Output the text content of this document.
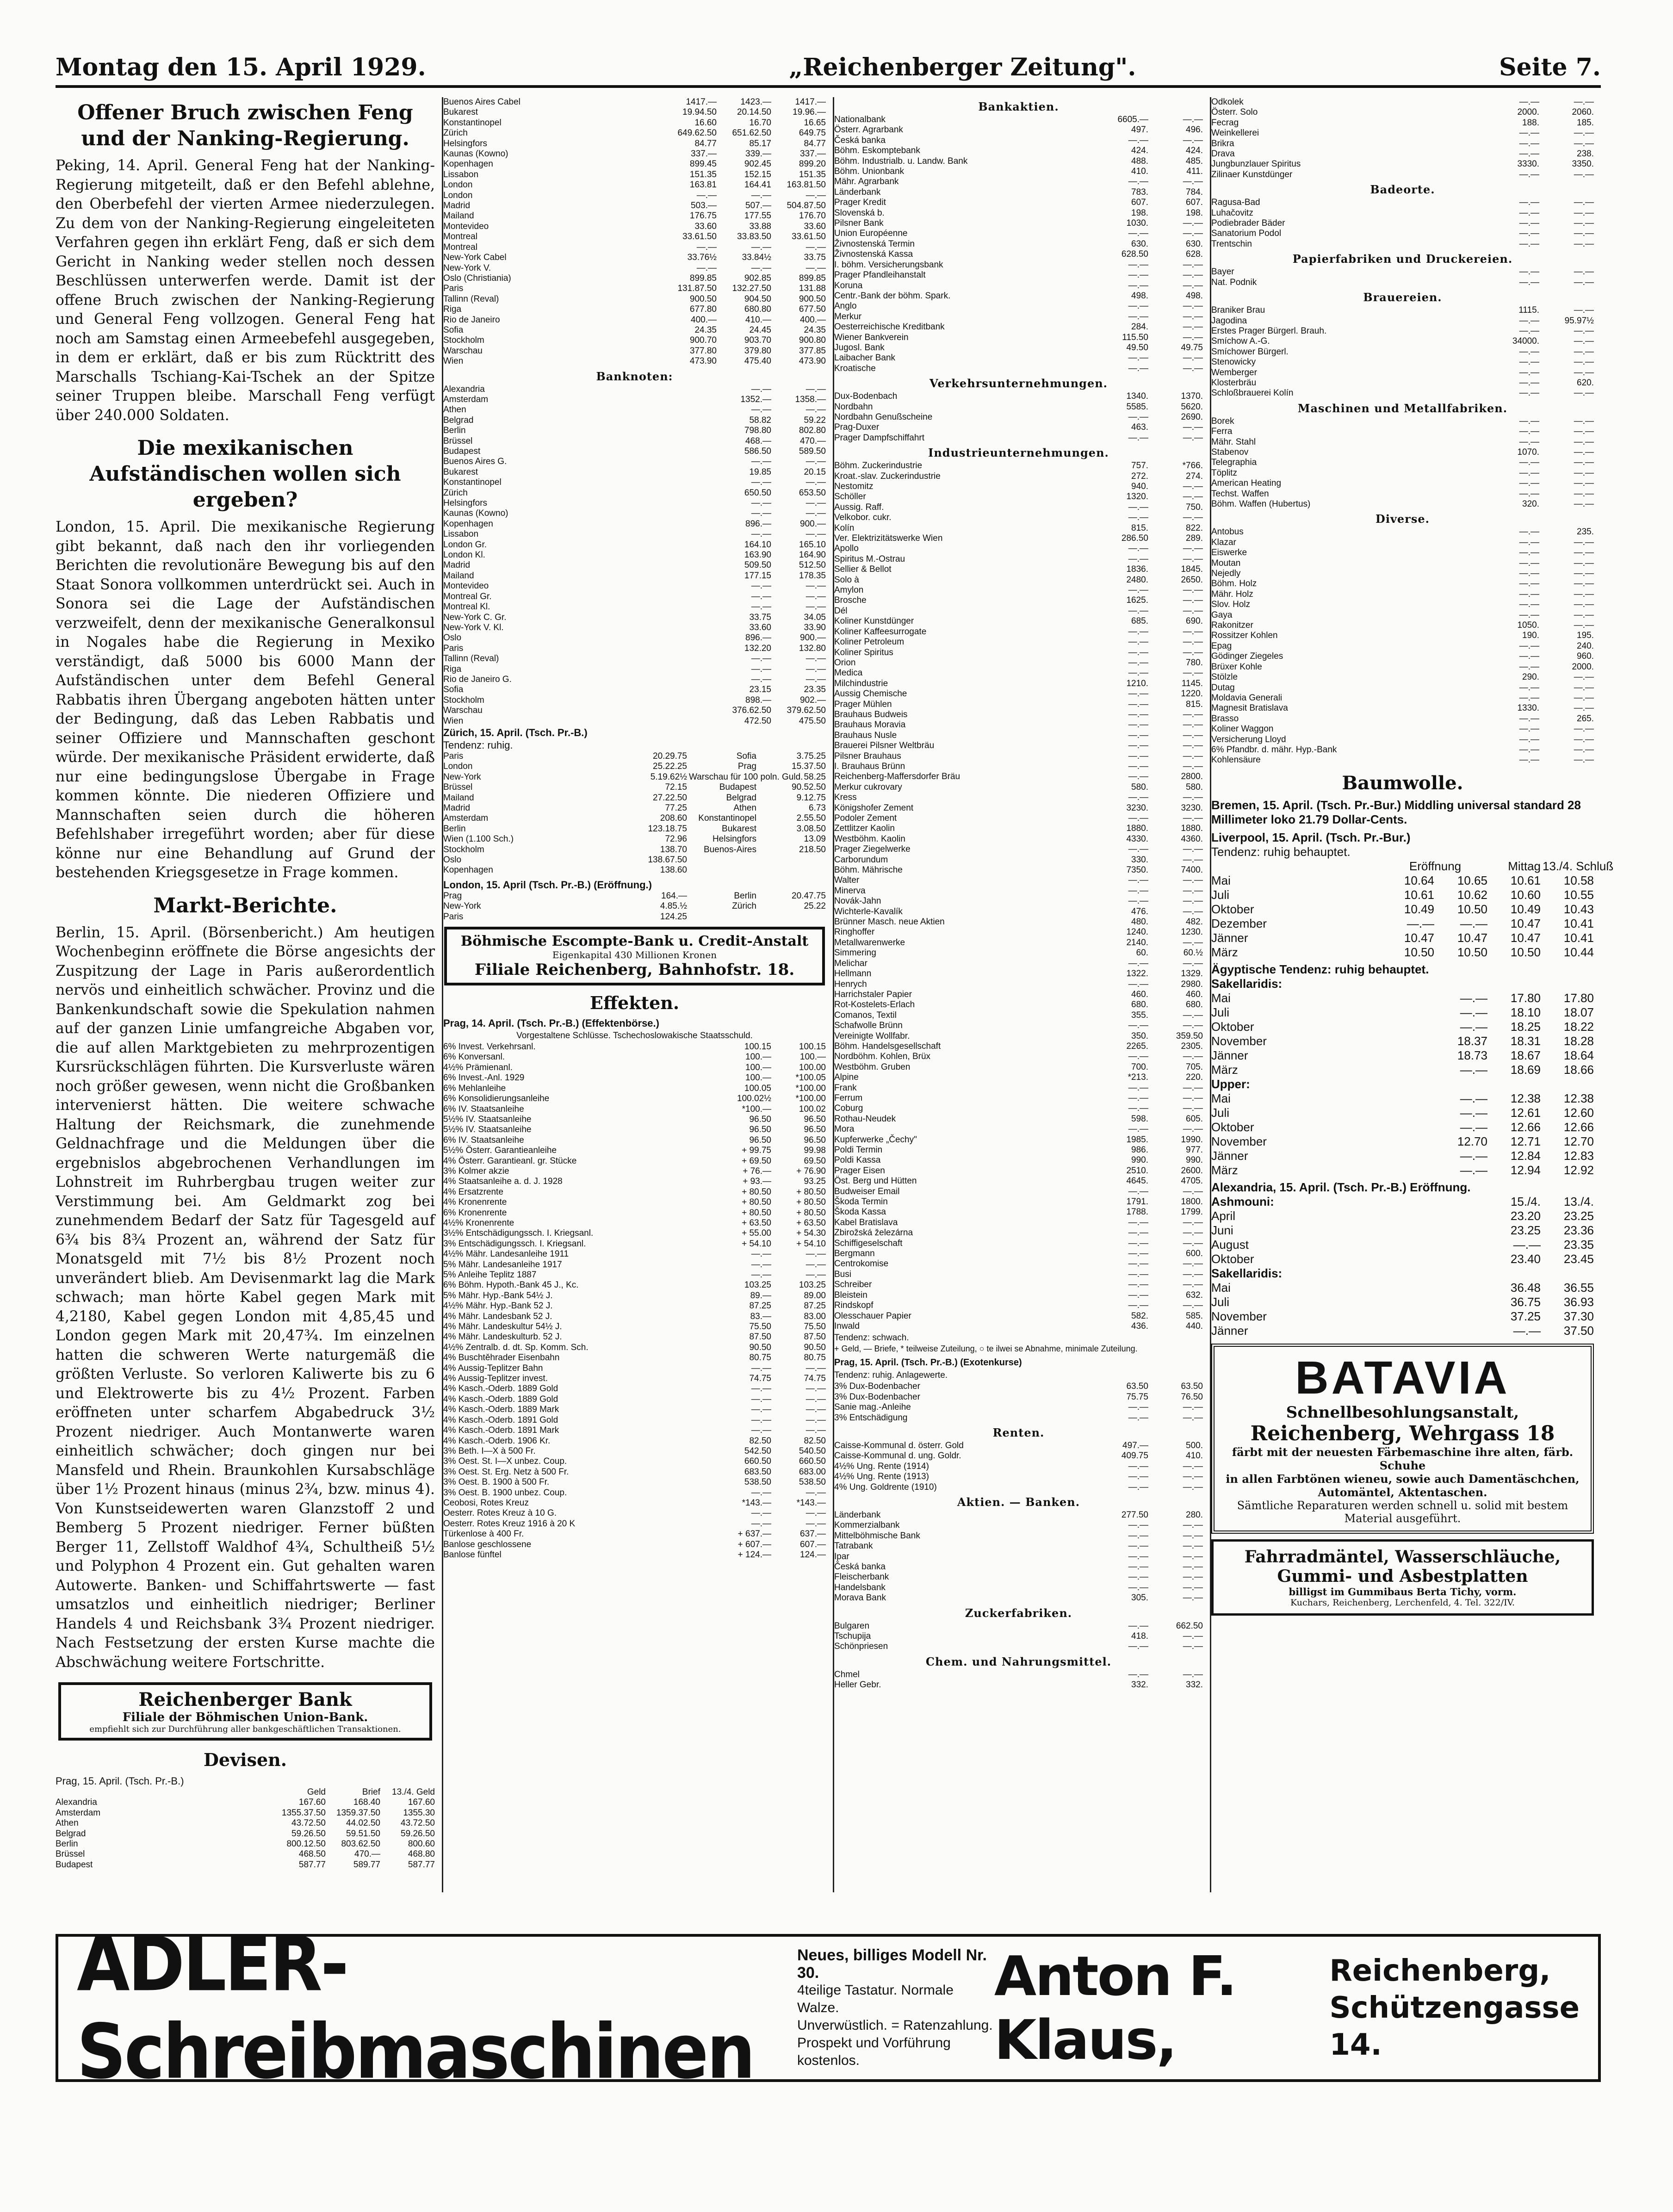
Montag den 15. April 1929.	„Reichenberger Zeitung".	Seite 7.
Offener Bruch zwischen Feng und der Nanking-Regierung.
Peking, 14. April. General Feng hat der Nanking-Regierung mitgeteilt, daß er den Befehl ablehne, den Oberbefehl der vierten Armee niederzulegen. Zu dem von der Nanking-Regierung eingeleiteten Verfahren gegen ihn erklärt Feng, daß er sich dem Gericht in Nanking weder stellen noch dessen Beschlüssen unterwerfen werde. Damit ist der offene Bruch zwischen der Nanking-Regierung und General Feng vollzogen. General Feng hat noch am Samstag einen Armeebefehl ausgegeben, in dem er erklärt, daß er bis zum Rücktritt des Marschalls Tschiang-Kai-Tschek an der Spitze seiner Truppen bleibe. Marschall Feng verfügt über 240.000 Soldaten.
Die mexikanischen Aufständischen wollen sich ergeben?
London, 15. April. Die mexikanische Regierung gibt bekannt, daß nach den ihr vorliegenden Berichten die revolutionäre Bewegung bis auf den Staat Sonora vollkommen unterdrückt sei. Auch in Sonora sei die Lage der Aufständischen verzweifelt, denn der mexikanische Generalkonsul in Nogales habe die Regierung in Mexiko verständigt, daß 5000 bis 6000 Mann der Aufständischen unter dem Befehl General Rabbatis ihren Übergang angeboten hätten unter der Bedingung, daß das Leben Rabbatis und seiner Offiziere und Mannschaften geschont würde. Der mexikanische Präsident erwiderte, daß nur eine bedingungslose Übergabe in Frage kommen könnte. Die niederen Offiziere und Mannschaften seien durch die höheren Befehlshaber irregeführt worden; aber für diese könne nur eine Behandlung auf Grund der bestehenden Kriegsgesetze in Frage kommen.
Markt-Berichte.
Berlin, 15. April. (Börsenbericht.) Am heutigen Wochenbeginn eröffnete die Börse angesichts der Zuspitzung der Lage in Paris außerordentlich nervös und einheitlich schwächer. Provinz und die Bankenkundschaft sowie die Spekulation nahmen auf der ganzen Linie umfangreiche Abgaben vor, die auf allen Marktgebieten zu mehrprozentigen Kursrückschlägen führten. Die Kursverluste wären noch größer gewesen, wenn nicht die Großbanken intervenierst hätten. Die weitere schwache Haltung der Reichsmark, die zunehmende Geldnachfrage und die Meldungen über die ergebnislos abgebrochenen Verhandlungen im Lohnstreit im Ruhrbergbau trugen weiter zur Verstimmung bei. Am Geldmarkt zog bei zunehmendem Bedarf der Satz für Tagesgeld auf 6¾ bis 8¾ Prozent an, während der Satz für Monatsgeld mit 7½ bis 8½ Prozent noch unverändert blieb. Am Devisenmarkt lag die Mark schwach; man hörte Kabel gegen Mark mit 4,2180, Kabel gegen London mit 4,85,45 und London gegen Mark mit 20,47¾. Im einzelnen hatten die schweren Werte naturgemäß die größten Verluste. So verloren Kaliwerte bis zu 6 und Elektrowerte bis zu 4½ Prozent. Farben eröffneten unter scharfem Abgabedruck 3½ Prozent niedriger. Auch Montanwerte waren einheitlich schwächer; doch gingen nur bei Mansfeld und Rhein. Braunkohlen Kursabschläge über 1½ Prozent hinaus (minus 2¾, bzw. minus 4). Von Kunstseidewerten waren Glanzstoff 2 und Bemberg 5 Prozent niedriger. Ferner büßten Berger 11, Zellstoff Waldhof 4¾, Schultheiß 5½ und Polyphon 4 Prozent ein. Gut gehalten waren Autowerte. Banken- und Schiffahrtswerte — fast umsatzlos und einheitlich niedriger; Berliner Handels 4 und Reichsbank 3¾ Prozent niedriger. Nach Festsetzung der ersten Kurse machte die Abschwächung weitere Fortschritte.
Reichenberger Bank
Filiale der Böhmischen Union-Bank.
empfiehlt sich zur Durchführung aller bankgeschäftlichen Transaktionen.
Devisen.
Prag, 15. April. (Tsch. Pr.-B.)
Geld	Brief	13./4. Geld
Alexandria	167.60	168.40	167.60
Amsterdam	1355.37.50	1359.37.50	1355.30
Athen	43.72.50	44.02.50	43.72.50
Belgrad	59.26.50	59.51.50	59.26.50
Berlin	800.12.50	803.62.50	800.60
Brüssel	468.50	470.—	468.80
Budapest	587.77	589.77	587.77
Buenos Aires Cabel	1417.—	1423.—	1417.—
Bukarest	19.94.50	20.14.50	19.96.—
Konstantinopel	16.60	16.70	16.65
Zürich	649.62.50	651.62.50	649.75
Helsingfors	84.77	85.17	84.77
Kaunas (Kowno)	337.—	339.—	337.—
Kopenhagen	899.45	902.45	899.20
Lissabon	151.35	152.15	151.35
London	163.81	164.41	163.81.50
London	—.—	—.—	—.—
Madrid	503.—	507.—	504.87.50
Mailand	176.75	177.55	176.70
Montevideo	33.60	33.88	33.60
Montreal	33.61.50	33.83.50	33.61.50
Montreal	—.—	—.—	—.—
New-York Cabel	33.76½	33.84½	33.75
New-York V.	—.—	—.—	—.—
Oslo (Christiania)	899.85	902.85	899.85
Paris	131.87.50	132.27.50	131.88
Tallinn (Reval)	900.50	904.50	900.50
Riga	677.80	680.80	677.50
Rio de Janeiro	400.—	410.—	400.—
Sofia	24.35	24.45	24.35
Stockholm	900.70	903.70	900.80
Warschau	377.80	379.80	377.85
Wien	473.90	475.40	473.90
Banknoten:
Alexandria	—.—	—.—
Amsterdam	1352.—	1358.—
Athen	—.—	—.—
Belgrad	58.82	59.22
Berlin	798.80	802.80
Brüssel	468.—	470.—
Budapest	586.50	589.50
Buenos Aires G.	—.—	—.—
Bukarest	19.85	20.15
Konstantinopel	—.—	—.—
Zürich	650.50	653.50
Helsingfors	—.—	—.—
Kaunas (Kowno)	—.—	—.—
Kopenhagen	896.—	900.—
Lissabon	—.—	—.—
London Gr.	164.10	165.10
London Kl.	163.90	164.90
Madrid	509.50	512.50
Mailand	177.15	178.35
Montevideo	—.—	—.—
Montreal Gr.	—.—	—.—
Montreal Kl.	—.—	—.—
New-York C. Gr.	33.75	34.05
New-York V. Kl.	33.60	33.90
Oslo	896.—	900.—
Paris	132.20	132.80
Tallinn (Reval)	—.—	—.—
Riga	—.—	—.—
Rio de Janeiro G.	—.—	—.—
Sofia	23.15	23.35
Stockholm	898.—	902.—
Warschau	376.62.50	379.62.50
Wien	472.50	475.50
Zürich, 15. April. (Tsch. Pr.-B.)
Tendenz: ruhig.
Paris	20.29.75	Sofia	3.75.25
London	25.22.25	Prag	15.37.50
New-York	5.19.62½ Warschau für 100 poln. Guld. 58.25
Brüssel	72.15	Budapest	90.52.50
Mailand	27.22.50	Belgrad	9.12.75
Madrid	77.25	Athen	6.73
Amsterdam	208.60	Konstantinopel	2.55.50
Berlin	123.18.75	Bukarest	3.08.50
Wien (1.100 Sch.)	72.96	Helsingfors	13.09
Stockholm	138.70	Buenos-Aires	218.50
Oslo	138.67.50
Kopenhagen	138.60
London, 15. April (Tsch. Pr.-B.) (Eröffnung.)
Prag	164.—	Berlin	20.47.75
New-York	4.85.½	Zürich	25.22
Paris	124.25
Böhmische Escompte-Bank u. Credit-Anstalt
Eigenkapital 430 Millionen Kronen
Filiale Reichenberg, Bahnhofstr. 18.
Effekten.
Prag, 14. April. (Tsch. Pr.-B.) (Effektenbörse.)
Vorgestaltene Schlüsse. Tschechoslowakische Staatsschuld.
6% Invest. Verkehrsanl.	100.15	100.15
6% Konversanl.	100.—	100.—
4½% Prämienanl.	100.—	100.00
6% Invest.-Anl. 1929	100.—	*100.05
6% Mehlanleihe	100.05	*100.00
6% Konsolidierungsanleihe	100.02½	*100.00
6% IV. Staatsanleihe	*100.—	100.02
5½% IV. Staatsanleihe	96.50	96.50
5½% IV. Staatsanleihe	96.50	96.50
6% IV. Staatsanleihe	96.50	96.50
5½% Österr. Garantieanleihe	+ 99.75	99.98
4% Österr. Garantieanl. gr. Stücke	+ 69.50	69.50
3% Kolmer akzie	+ 76.—	+ 76.90
4% Staatsanleihe a. d. J. 1928	+ 93.—	93.25
4% Ersatzrente	+ 80.50	+ 80.50
4% Kronenrente	+ 80.50	+ 80.50
6% Kronenrente	+ 80.50	+ 80.50
4½% Kronenrente	+ 63.50	+ 63.50
3½% Entschädigungssch. I. Kriegsanl.	+ 55.00	+ 54.30
3% Entschädigungssch. I. Kriegsanl.	+ 54.10	+ 54.10
4½% Mähr. Landesanleihe 1911	—.—	—.—
5% Mähr. Landesanleihe 1917	—.—	—.—
5% Anleihe Teplitz 1887	—.—	—.—
6% Böhm. Hypoth.-Bank 45 J., Kc.	103.25	103.25
5% Mähr. Hyp.-Bank 54½ J.	89.—	89.00
4½% Mähr. Hyp.-Bank 52 J.	87.25	87.25
4% Mähr. Landesbank 52 J.	83.—	83.00
4% Mähr. Landeskultur 54½ J.	75.50	75.50
4% Mähr. Landeskulturb. 52 J.	87.50	87.50
4½% Zentralb. d. dt. Sp. Komm. Sch.	90.50	90.50
4% Buschtěhrader Eisenbahn	80.75	80.75
4% Aussig-Teplitzer Bahn	—.—	—.—
4% Aussig-Teplitzer invest.	74.75	74.75
4% Kasch.-Oderb. 1889 Gold	—.—	—.—
4% Kasch.-Oderb. 1889 Gold	—.—	—.—
4% Kasch.-Oderb. 1889 Mark	—.—	—.—
4% Kasch.-Oderb. 1891 Gold	—.—	—.—
4% Kasch.-Oderb. 1891 Mark	—.—	—.—
4% Kasch.-Oderb. 1906 Kr.	82.50	82.50
3% Beth. I—X à 500 Fr.	542.50	540.50
3% Oest. St. I—X unbez. Coup.	660.50	660.50
3% Oest. St. Erg. Netz à 500 Fr.	683.50	683.00
3% Oest. B. 1900 à 500 Fr.	538.50	538.50
3% Oest. B. 1900 unbez. Coup.	—.—	—.—
Ceobosi, Rotes Kreuz	*143.—	*143.—
Oesterr. Rotes Kreuz à 10 G.	—.—	—.—
Oesterr. Rotes Kreuz 1916 à 20 K	—.—	—.—
Türkenlose à 400 Fr.	+ 637.—	637.—
Banlose geschlossene	+ 607.—	607.—
Banlose fünftel	+ 124.—	124.—
Bankaktien.
Nationalbank	6605.—	—.—
Österr. Agrarbank	497.	496.
Česká banka	—.—	—.—
Böhm. Eskomptebank	424.	424.
Böhm. Industrialb. u. Landw. Bank	488.	485.
Böhm. Unionbank	410.	411.
Mähr. Agrarbank	—.—	—.—
Länderbank	783.	784.
Prager Kredit	607.	607.
Slovenská b.	198.	198.
Pilsner Bank	1030.	—.—
Union Européenne	—.—	—.—
Živnostenská Termin	630.	630.
Živnostenská Kassa	628.50	628.
I. böhm. Versicherungsbank	—.—	—.—
Prager Pfandleihanstalt	—.—	—.—
Koruna	—.—	—.—
Centr.-Bank der böhm. Spark.	498.	498.
Anglo	—.—	—.—
Merkur	—.—	—.—
Oesterreichische Kreditbank	284.	—.—
Wiener Bankverein	115.50	—.—
Jugosl. Bank	49.50	49.75
Laibacher Bank	—.—	—.—
Kroatische	—.—	—.—
Verkehrsunternehmungen.
Dux-Bodenbach	1340.	1370.
Nordbahn	5585.	5620.
Nordbahn Genußscheine	—.—	2690.
Prag-Duxer	463.	—.—
Prager Dampfschiffahrt	—.—	—.—
Industrieunternehmungen.
Böhm. Zuckerindustrie	757.	*766.
Kroat.-slav. Zuckerindustrie	272.	274.
Nestomitz	940.	—.—
Schöller	1320.	—.—
Aussig. Raff.	—.—	750.
Velkobor. cukr.	—.—	—.—
Kolín	815.	822.
Ver. Elektrizitätswerke Wien	286.50	289.
Apollo	—.—	—.—
Spiritus M.-Ostrau	—.—	—.—
Sellier & Bellot	1836.	1845.
Solo à	2480.	2650.
Amylon	—.—	—.—
Brosche	1625.	—.—
Dél	—.—	—.—
Koliner Kunstdünger	685.	690.
Koliner Kaffeesurrogate	—.—	—.—
Koliner Petroleum	—.—	—.—
Koliner Spiritus	—.—	—.—
Orion	—.—	780.
Medica	—.—	—.—
Milchindustrie	1210.	1145.
Aussig Chemische	—.—	1220.
Prager Mühlen	—.—	815.
Brauhaus Budweis	—.—	—.—
Brauhaus Moravia	—.—	—.—
Brauhaus Nusle	—.—	—.—
Brauerei Pilsner Weltbräu	—.—	—.—
Pilsner Brauhaus	—.—	—.—
I. Brauhaus Brünn	—.—	—.—
Reichenberg-Maffersdorfer Bräu	—.—	2800.
Merkur cukrovary	580.	580.
Kress	—.—	—.—
Königshofer Zement	3230.	3230.
Podoler Zement	—.—	—.—
Zettlitzer Kaolin	1880.	1880.
Westböhm. Kaolin	4330.	4360.
Prager Ziegelwerke	—.—	—.—
Carborundum	330.	—.—
Böhm. Mährische	7350.	7400.
Walter	—.—	—.—
Minerva	—.—	—.—
Novák-Jahn	—.—	—.—
Wichterle-Kavalík	476.	—.—
Brünner Masch. neue Aktien	480.	482.
Ringhoffer	1240.	1230.
Metallwarenwerke	2140.	—.—
Simmering	60.	60.½
Melichar	—.—	—.—
Hellmann	1322.	1329.
Henrych	—.—	2980.
Harrichstaler Papier	460.	460.
Rot-Kostelets-Erlach	680.	680.
Comanos, Textil	355.	—.—
Schafwolle Brünn	—.—	—.—
Vereinigte Wollfabr.	350.	359.50
Böhm. Handelsgesellschaft	2265.	2305.
Nordböhm. Kohlen, Brüx	—.—	—.—
Westböhm. Gruben	700.	705.
Alpine	*213.	220.
Frank	—.—	—.—
Ferrum	—.—	—.—
Coburg	—.—	—.—
Rothau-Neudek	598.	605.
Mora	—.—	—.—
Kupferwerke „Čechy"	1985.	1990.
Poldi Termin	986.	977.
Poldi Kassa	990.	990.
Prager Eisen	2510.	2600.
Öst. Berg und Hütten	4645.	4705.
Budweiser Email	—.—	—.—
Škoda Termin	1791.	1800.
Škoda Kassa	1788.	1799.
Kabel Bratislava	—.—	—.—
Zbirožská železárna	—.—	—.—
Schiffigeselschaft	—.—	—.—
Bergmann	—.—	600.
Centrokomise	—.—	—.—
Busi	—.—	—.—
Schreiber	—.—	—.—
Bleistein	—.—	632.
Rindskopf	—.—	—.—
Olesschauer Papier	582.	585.
Inwald	436.	440.
Tendenz: schwach.
+ Geld, — Briefe, * teilweise Zuteilung, ○ te ilwei se Abnahme, minimale Zuteilung.
Prag, 15. April. (Tsch. Pr.-B.) (Exotenkurse)
Tendenz: ruhig. Anlagewerte.
3% Dux-Bodenbacher	63.50	63.50
3% Dux-Bodenbacher	75.75	76.50
Sanie mag.-Anleihe	—.—	—.—
3% Entschädigung	—.—	—.—
Renten.
Caisse-Kommunal d. österr. Gold	497.—	500.
Caisse-Kommunal d. ung. Goldr.	409.75	410.
4½% Ung. Rente (1914)	—.—	—.—
4½% Ung. Rente (1913)	—.—	—.—
4% Ung. Goldrente (1910)	—.—	—.—
Aktien. — Banken.
Länderbank	277.50	280.
Kommerzialbank	—.—	—.—
Mittelböhmische Bank	—.—	—.—
Tatrabank	—.—	—.—
Ipar	—.—	—.—
Česká banka	—.—	—.—
Fleischerbank	—.—	—.—
Handelsbank	—.—	—.—
Morava Bank	305.	—.—
Zuckerfabriken.
Bulgaren	—.—	662.50
Tschupija	418.	—.—
Schönpriesen	—.—	—.—
Chem. und Nahrungsmittel.
Chmel	—.—	—.—
Heller Gebr.	332.	332.
Odkolek	—.—	—.—
Österr. Solo	2000.	2060.
Fecrag	188.	185.
Weinkellerei	—.—	—.—
Brikra	—.—	—.—
Drava	—.—	238.
Jungbunzlauer Spiritus	3330.	3350.
Zilinaer Kunstdünger	—.—	—.—
Badeorte.
Ragusa-Bad	—.—	—.—
Luhačovitz	—.—	—.—
Podiebrader Bäder	—.—	—.—
Sanatorium Podol	—.—	—.—
Trentschin	—.—	—.—
Papierfabriken und Druckereien.
Bayer	—.—	—.—
Nat. Podnik	—.—	—.—
Brauereien.
Braniker Brau	1115.	—.—
Jagodina	—.—	95.97½
Erstes Prager Bürgerl. Brauh.	—.—	—.—
Smíchow A.-G.	34000.	—.—
Smíchower Bürgerl.	—.—	—.—
Stenowicky	—.—	—.—
Wemberger	—.—	—.—
Klosterbräu	—.—	620.
Schloßbrauerei Kolín	—.—	—.—
Maschinen und Metallfabriken.
Borek	—.—	—.—
Ferra	—.—	—.—
Mähr. Stahl	—.—	—.—
Stabenov	1070.	—.—
Telegraphia	—.—	—.—
Töplitz	—.—	—.—
American Heating	—.—	—.—
Techst. Waffen	—.—	—.—
Böhm. Waffen (Hubertus)	320.	—.—
Diverse.
Antobus	—.—	235.
Klazar	—.—	—.—
Eiswerke	—.—	—.—
Moutan	—.—	—.—
Nejedly	—.—	—.—
Böhm. Holz	—.—	—.—
Mähr. Holz	—.—	—.—
Slov. Holz	—.—	—.—
Gaya	—.—	—.—
Rakonitzer	1050.	—.—
Rossitzer Kohlen	190.	195.
Epag	—.—	240.
Gödinger Ziegeles	—.—	960.
Brüxer Kohle	—.—	2000.
Stölzle	290.	—.—
Dutag	—.—	—.—
Moldavia Generali	—.—	—.—
Magnesit Bratislava	1330.	—.—
Brasso	—.—	265.
Koliner Waggon	—.—	—.—
Versicherung Lloyd	—.—	—.—
6% Pfandbr. d. mähr. Hyp.-Bank	—.—	—.—
Kohlensäure	—.—	—.—
Baumwolle.
Bremen, 15. April. (Tsch. Pr.-Bur.) Middling universal standard 28 Millimeter loko 21.79 Dollar-Cents.
Liverpool, 15. April. (Tsch. Pr.-Bur.)
Tendenz: ruhig behauptet.
Eröffnung	Mittag 13./4. Schluß
Mai	10.64	10.65	10.61	10.58
Juli	10.61	10.62	10.60	10.55
Oktober	10.49	10.50	10.49	10.43
Dezember	—.—	—.—	10.47	10.41
Jänner	10.47	10.47	10.47	10.41
März	10.50	10.50	10.50	10.44
Ägyptische Tendenz: ruhig behauptet.
Sakellaridis:
Mai	—.—	17.80	17.80
Juli	—.—	18.10	18.07
Oktober	—.—	18.25	18.22
November	18.37	18.31	18.28
Jänner	18.73	18.67	18.64
März	—.—	18.69	18.66
Upper:
Mai	—.—	12.38	12.38
Juli	—.—	12.61	12.60
Oktober	—.—	12.66	12.66
November	12.70	12.71	12.70
Jänner	—.—	12.84	12.83
März	—.—	12.94	12.92
Alexandria, 15. April. (Tsch. Pr.-B.) Eröffnung.
Ashmouni:	15./4.	13./4.
April	23.20	23.25
Juni	23.25	23.36
August	—.—	23.35
Oktober	23.40	23.45
Sakellaridis:
Mai	36.48	36.55
Juli	36.75	36.93
November	37.25	37.30
Jänner	—.—	37.50
BATAVIA
Schnellbesohlungsanstalt,
Reichenberg, Wehrgass 18
färbt mit der neuesten Färbemaschine ihre alten, färb. Schuhe
in allen Farbtönen wieneu, sowie auch Damentäschchen, Automäntel, Aktentaschen.
Sämtliche Reparaturen werden schnell u. solid mit bestem Material ausgeführt.
Fahrradmäntel, Wasserschläuche,
Gummi- und Asbestplatten
billigst im Gummibaus Berta Tichy, vorm.
Kuchars, Reichenberg, Lerchenfeld, 4. Tel. 322/IV.
ADLER-Schreibmaschinen
Neues, billiges Modell Nr. 30.
4teilige Tastatur. Normale Walze.
Unverwüstlich. = Ratenzahlung.
Prospekt und Vorführung kostenlos.
Anton F. Klaus,
Reichenberg,
Schützengasse 14.
